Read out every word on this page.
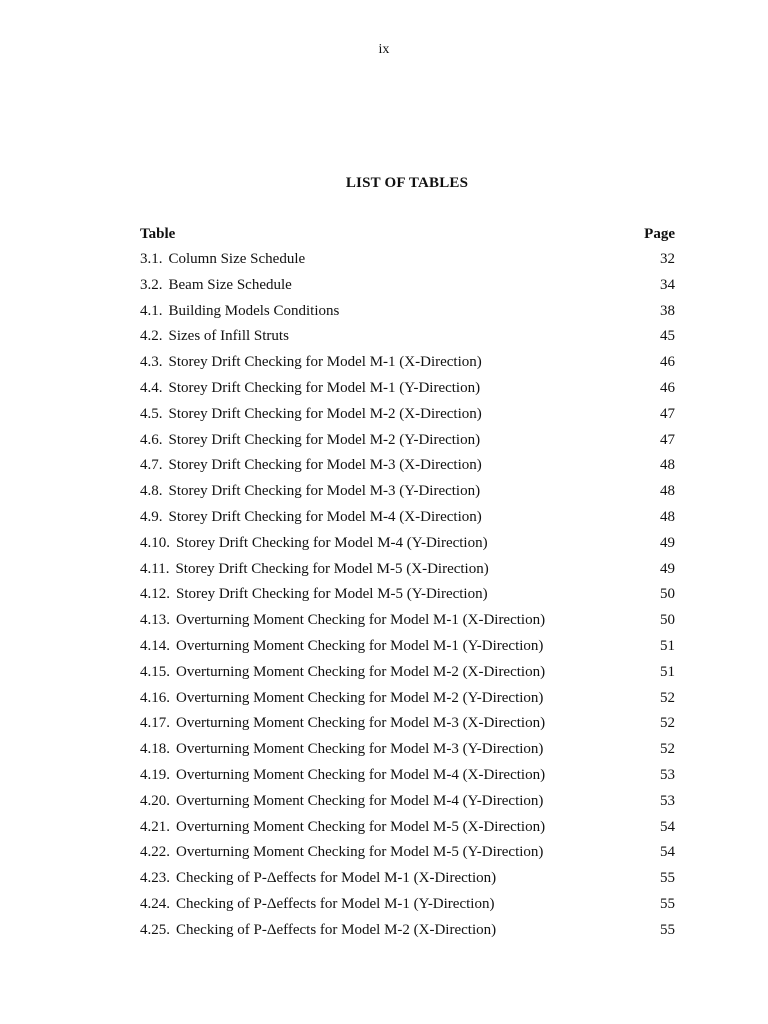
ix
LIST OF TABLES
Table	Page
3.1. Column Size Schedule	32
3.2. Beam Size Schedule	34
4.1. Building Models Conditions	38
4.2. Sizes of Infill Struts	45
4.3. Storey Drift Checking for Model M-1 (X-Direction)	46
4.4. Storey Drift Checking for Model M-1 (Y-Direction)	46
4.5. Storey Drift Checking for Model M-2 (X-Direction)	47
4.6. Storey Drift Checking for Model M-2 (Y-Direction)	47
4.7. Storey Drift Checking for Model M-3 (X-Direction)	48
4.8. Storey Drift Checking for Model M-3 (Y-Direction)	48
4.9. Storey Drift Checking for Model M-4 (X-Direction)	48
4.10. Storey Drift Checking for Model M-4 (Y-Direction)	49
4.11. Storey Drift Checking for Model M-5 (X-Direction)	49
4.12. Storey Drift Checking for Model M-5 (Y-Direction)	50
4.13. Overturning Moment Checking for Model M-1 (X-Direction)	50
4.14. Overturning Moment Checking for Model M-1 (Y-Direction)	51
4.15. Overturning Moment Checking for Model M-2 (X-Direction)	51
4.16. Overturning Moment Checking for Model M-2 (Y-Direction)	52
4.17. Overturning Moment Checking for Model M-3 (X-Direction)	52
4.18. Overturning Moment Checking for Model M-3 (Y-Direction)	52
4.19. Overturning Moment Checking for Model M-4 (X-Direction)	53
4.20. Overturning Moment Checking for Model M-4 (Y-Direction)	53
4.21. Overturning Moment Checking for Model M-5 (X-Direction)	54
4.22. Overturning Moment Checking for Model M-5 (Y-Direction)	54
4.23. Checking of P-Δeffects for Model M-1 (X-Direction)	55
4.24. Checking of P-Δeffects for Model M-1 (Y-Direction)	55
4.25. Checking of P-Δeffects for Model M-2 (X-Direction)	55
